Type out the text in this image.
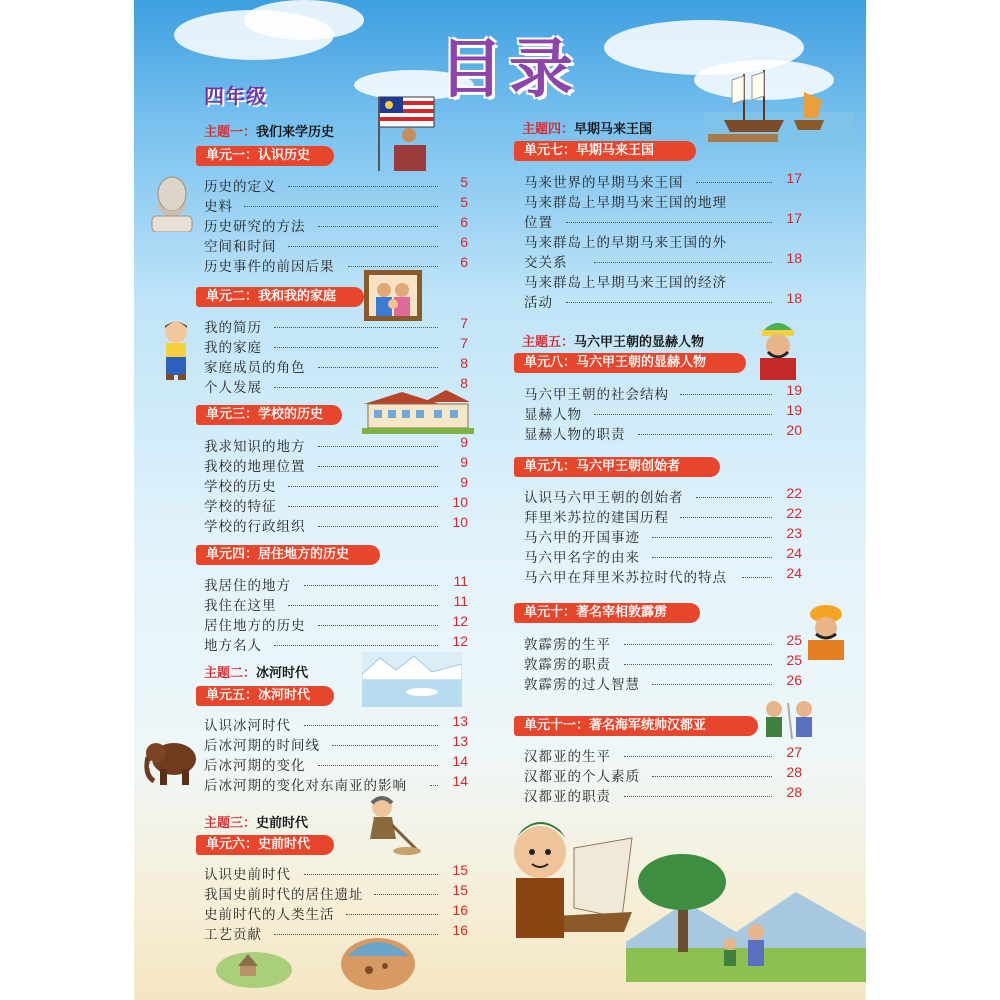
目录
四年级
主题一：我们来学历史
单元一：认识历史
历史的定义	5
史料	5
历史研究的方法	6
空间和时间	6
历史事件的前因后果	6
单元二：我和我的家庭
我的简历	7
我的家庭	7
家庭成员的角色	8
个人发展	8
单元三：学校的历史
我求知识的地方	9
我校的地理位置	9
学校的历史	9
学校的特征	10
学校的行政组织	10
单元四：居住地方的历史
我居住的地方	11
我住在这里	11
居住地方的历史	12
地方名人	12
主题二：冰河时代
单元五：冰河时代
认识冰河时代	13
后冰河期的时间线	13
后冰河期的变化	14
后冰河期的变化对东南亚的影响	14
主题三：史前时代
单元六：史前时代
认识史前时代	15
我国史前时代的居住遗址	15
史前时代的人类生活	16
工艺贡献	16
主题四：早期马来王国
单元七：早期马来王国
马来世界的早期马来王国	17
马来群岛上早期马来王国的地理
位置	17
马来群岛上的早期马来王国的外
交关系	18
马来群岛上早期马来王国的经济
活动	18
主题五：马六甲王朝的显赫人物
单元八：马六甲王朝的显赫人物
马六甲王朝的社会结构	19
显赫人物	19
显赫人物的职责	20
单元九：马六甲王朝创始者
认识马六甲王朝的创始者	22
拜里米苏拉的建国历程	22
马六甲的开国事迹	23
马六甲名字的由来	24
马六甲在拜里米苏拉时代的特点	24
单元十：著名宰相敦霹雳
敦霹雳的生平	25
敦霹雳的职责	25
敦霹雳的过人智慧	26
单元十一：著名海军统帅汉都亚
汉都亚的生平	27
汉都亚的个人素质	28
汉都亚的职责	28
